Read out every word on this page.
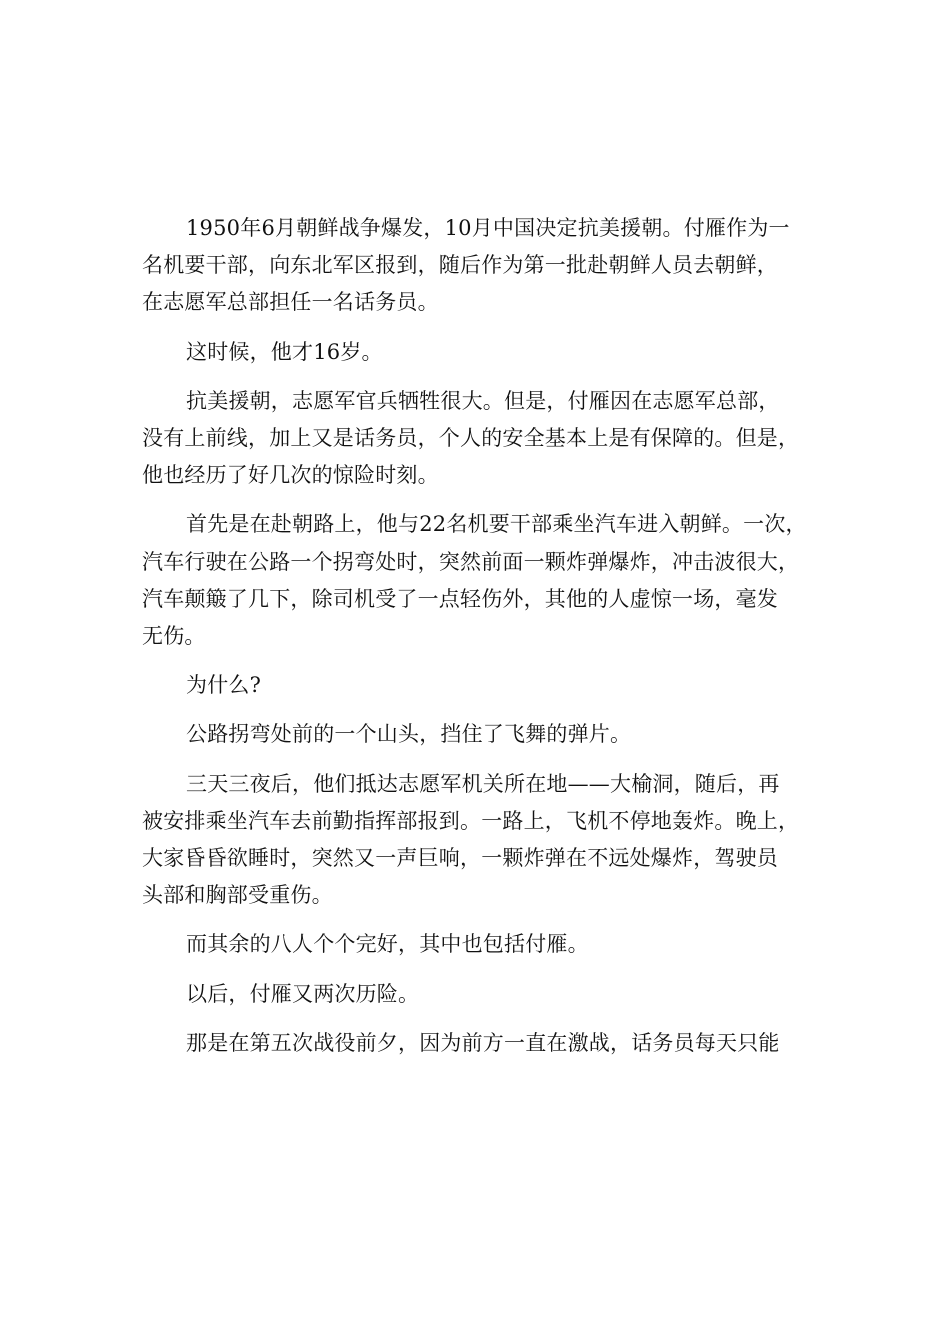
1950年6月朝鲜战争爆发，10月中国决定抗美援朝。付雁作为一
名机要干部，向东北军区报到，随后作为第一批赴朝鲜人员去朝鲜，
在志愿军总部担任一名话务员。

这时候，他才16岁。

抗美援朝，志愿军官兵牺牲很大。但是，付雁因在志愿军总部，
没有上前线，加上又是话务员，个人的安全基本上是有保障的。但是，
他也经历了好几次的惊险时刻。

首先是在赴朝路上，他与22名机要干部乘坐汽车进入朝鲜。一次，
汽车行驶在公路一个拐弯处时，突然前面一颗炸弹爆炸，冲击波很大，
汽车颠簸了几下，除司机受了一点轻伤外，其他的人虚惊一场，毫发
无伤。

为什么?

公路拐弯处前的一个山头，挡住了飞舞的弹片。

三天三夜后，他们抵达志愿军机关所在地——大榆洞，随后，再
被安排乘坐汽车去前勤指挥部报到。一路上，飞机不停地轰炸。晚上，
大家昏昏欲睡时，突然又一声巨响，一颗炸弹在不远处爆炸，驾驶员
头部和胸部受重伤。

而其余的八人个个完好，其中也包括付雁。

以后，付雁又两次历险。

那是在第五次战役前夕，因为前方一直在激战，话务员每天只能
